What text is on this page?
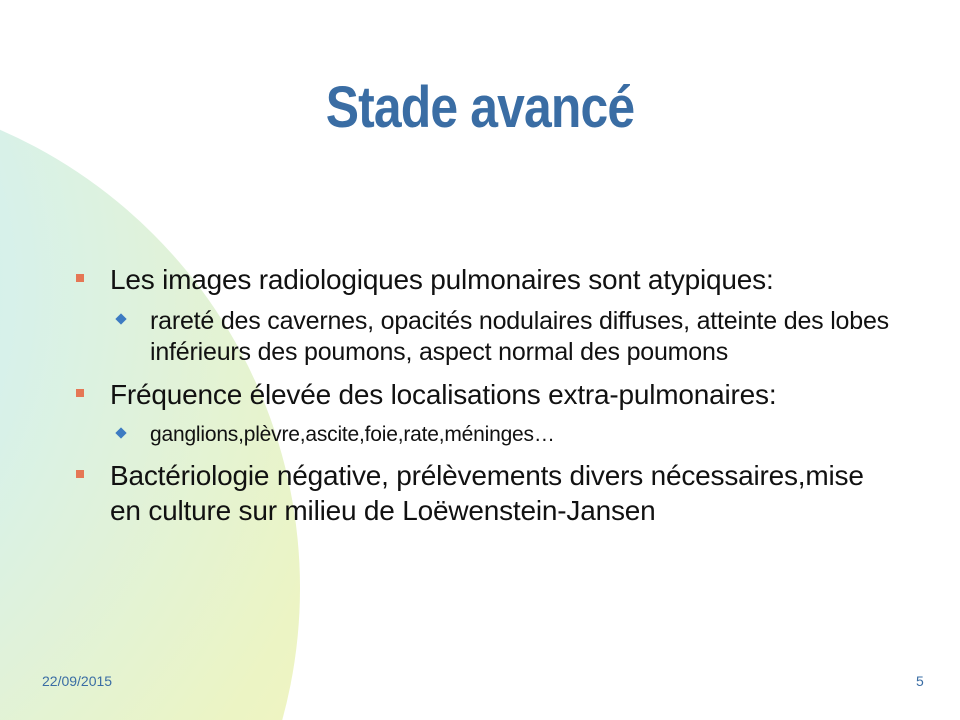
Stade avancé
Les images radiologiques pulmonaires sont atypiques:
rareté des cavernes, opacités nodulaires diffuses, atteinte des lobes inférieurs des poumons, aspect normal des poumons
Fréquence élevée des localisations extra-pulmonaires:
ganglions,plèvre,ascite,foie,rate,méninges…
Bactériologie négative, prélèvements divers nécessaires,mise en culture sur milieu de Loëwenstein-Jansen
22/09/2015	5
